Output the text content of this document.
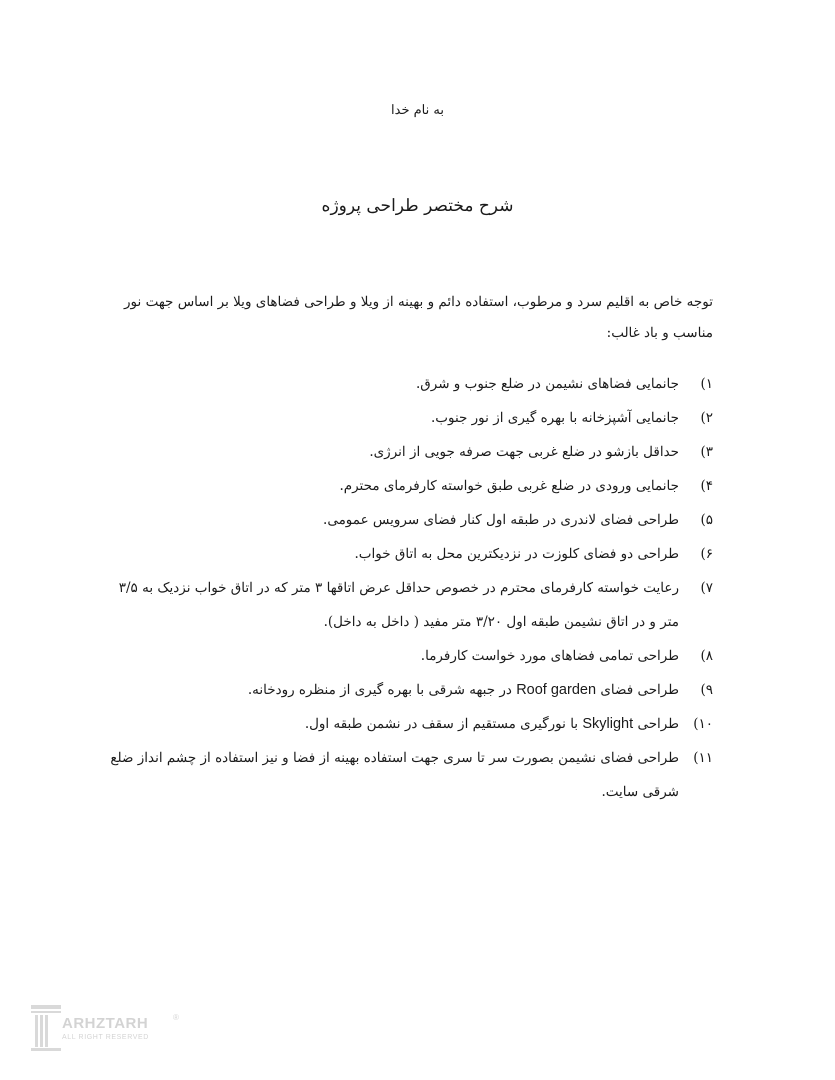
به نام خدا
شرح مختصر طراحی پروژه
توجه خاص به اقلیم سرد و مرطوب، استفاده دائم و بهینه از ویلا و طراحی فضاهای ویلا بر اساس جهت نور مناسب و باد غالب:
۱)
جانمایی فضاهای نشیمن در ضلع جنوب و شرق.
۲)
جانمایی آشپزخانه با بهره گیری از نور جنوب.
۳)
حداقل بازشو در ضلع غربی جهت صرفه جویی از انرژی.
۴)
جانمایی ورودی در ضلع غربی طبق خواسته کارفرمای محترم.
۵)
طراحی فضای لاندری در طبقه اول کنار فضای سرویس عمومی.
۶)
طراحی دو فضای کلوزت در نزدیکترین محل به اتاق خواب.
۷)
رعایت خواسته کارفرمای محترم در خصوص حداقل عرض اتاقها ۳ متر که در اتاق خواب نزدیک به ۳/۵ متر و در اتاق نشیمن طبقه اول ۳/۲۰ متر مفید ( داخل به داخل).
۸)
طراحی تمامی فضاهای مورد خواست کارفرما.
۹)
طراحی فضای Roof garden در جبهه شرقی با بهره گیری از منظره رودخانه.
۱۰)
طراحی Skylight با نورگیری مستقیم از سقف در نشمن طبقه اول.
۱۱)
طراحی فضای نشیمن بصورت سر تا سری جهت استفاده بهینه از فضا و نیز استفاده از چشم انداز ضلع شرقی سایت.
ARHZTARH
ALL RIGHT RESERVED
®
